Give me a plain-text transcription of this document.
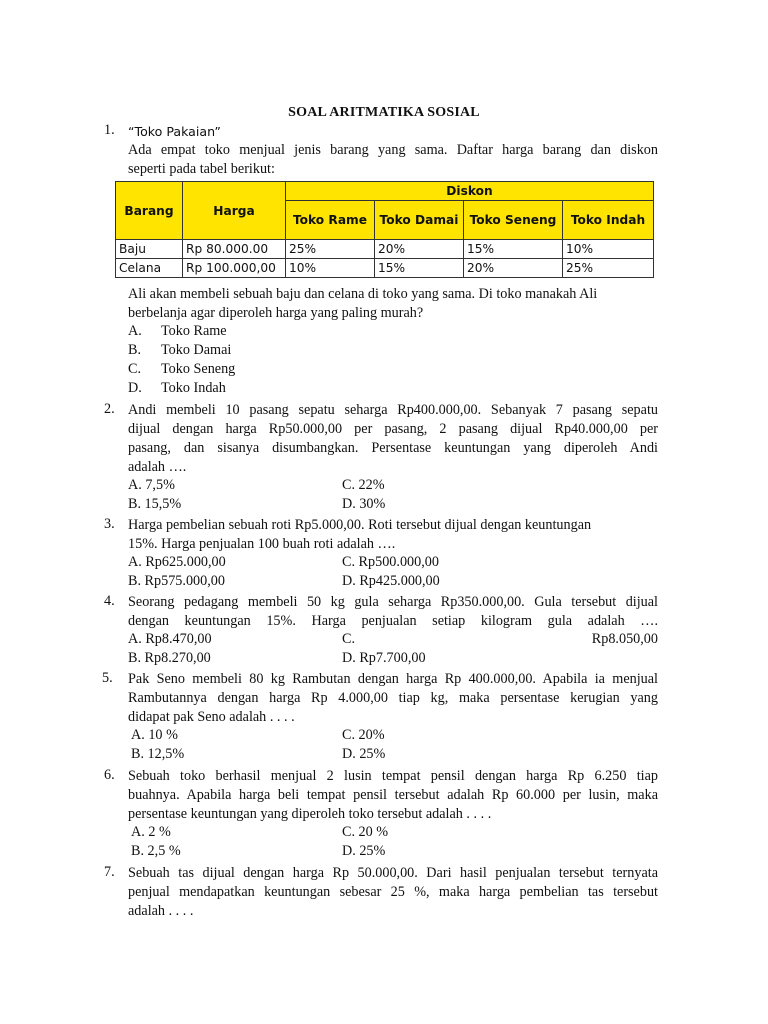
SOAL ARITMATIKA SOSIAL
1.	“Toko Pakaian”
Ada empat toko menjual jenis barang yang sama. Daftar harga barang dan diskon
seperti pada tabel berikut:
Barang	Harga	Diskon			
		Toko Rame	Toko Damai	Toko Seneng	Toko Indah
Baju	Rp 80.000.00	25%	20%	15%	10%
Celana	Rp 100.000,00	10%	15%	20%	25%
Ali akan membeli sebuah baju dan celana di toko yang sama. Di toko manakah Ali
berbelanja agar diperoleh harga yang paling murah?
A. Toko Rame
B. Toko Damai
C. Toko Seneng
D. Toko Indah
2. Andi membeli 10 pasang sepatu seharga Rp400.000,00. Sebanyak 7 pasang sepatu
dijual dengan harga Rp50.000,00 per pasang, 2 pasang dijual Rp40.000,00 per
pasang, dan sisanya disumbangkan. Persentase keuntungan yang diperoleh Andi
adalah ….
A. 7,5%	C. 22%
B. 15,5%	D. 30%
3. Harga pembelian sebuah roti Rp5.000,00. Roti tersebut dijual dengan keuntungan
15%. Harga penjualan 100 buah roti adalah ….
A. Rp625.000,00	C. Rp500.000,00
B. Rp575.000,00	D. Rp425.000,00
4. Seorang pedagang membeli 50 kg gula seharga Rp350.000,00. Gula tersebut dijual
dengan keuntungan 15%. Harga penjualan setiap kilogram gula adalah ….
A. Rp8.470,00	C.	Rp8.050,00
B. Rp8.270,00	D. Rp7.700,00
5.	Pak Seno membeli 80 kg Rambutan dengan harga Rp 400.000,00. Apabila ia menjual
Rambutannya dengan harga Rp 4.000,00 tiap kg, maka persentase kerugian yang
didapat pak Seno adalah . . . .
A. 10 %	C. 20%
B. 12,5%	D. 25%
6. Sebuah toko berhasil menjual 2 lusin tempat pensil dengan harga Rp 6.250 tiap
buahnya. Apabila harga beli tempat pensil tersebut adalah Rp 60.000 per lusin, maka
persentase keuntungan yang diperoleh toko tersebut adalah . . . .
A. 2 %	C. 20 %
B. 2,5 %	D. 25%
7. Sebuah tas dijual dengan harga Rp 50.000,00. Dari hasil penjualan tersebut ternyata
penjual mendapatkan keuntungan sebesar 25 %, maka harga pembelian tas tersebut
adalah . . . .
